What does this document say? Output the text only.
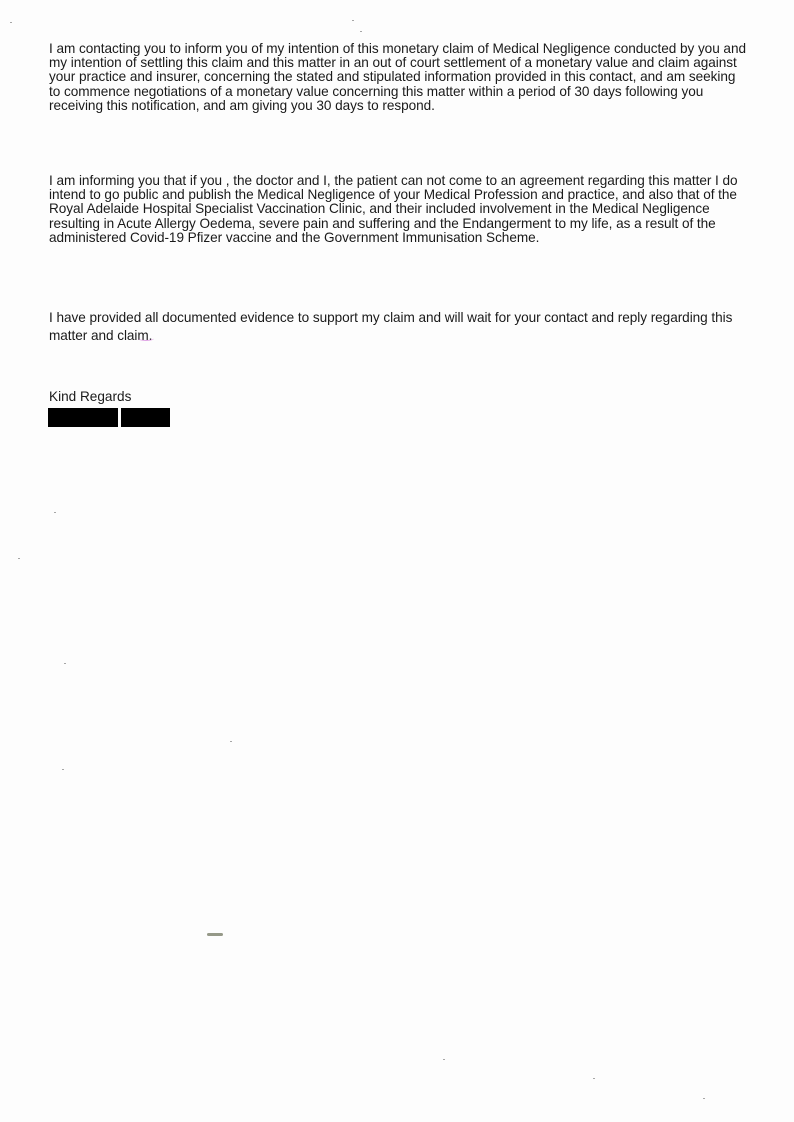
I am contacting you to inform you of my intention of this monetary claim of Medical Negligence conducted by you and my intention of settling this claim and this matter in an out of court settlement of a monetary value and claim against your practice and insurer, concerning the stated and stipulated information provided in this contact, and am seeking to commence negotiations of a monetary value concerning this matter within a period of 30 days following you receiving this notification, and am giving you 30 days to respond.

I am informing you that if you , the doctor and I, the patient can not come to an agreement regarding this matter I do intend to go public and publish the Medical Negligence of your Medical Profession and practice, and also that of the Royal Adelaide Hospital Specialist Vaccination Clinic, and their included involvement in the Medical Negligence resulting in Acute Allergy Oedema, severe pain and suffering and the Endangerment to my life, as a result of the administered Covid-19 Pfizer vaccine and the Government Immunisation Scheme.

I have provided all documented evidence to support my claim and will wait for your contact and reply regarding this matter and claim.

Kind Regards
